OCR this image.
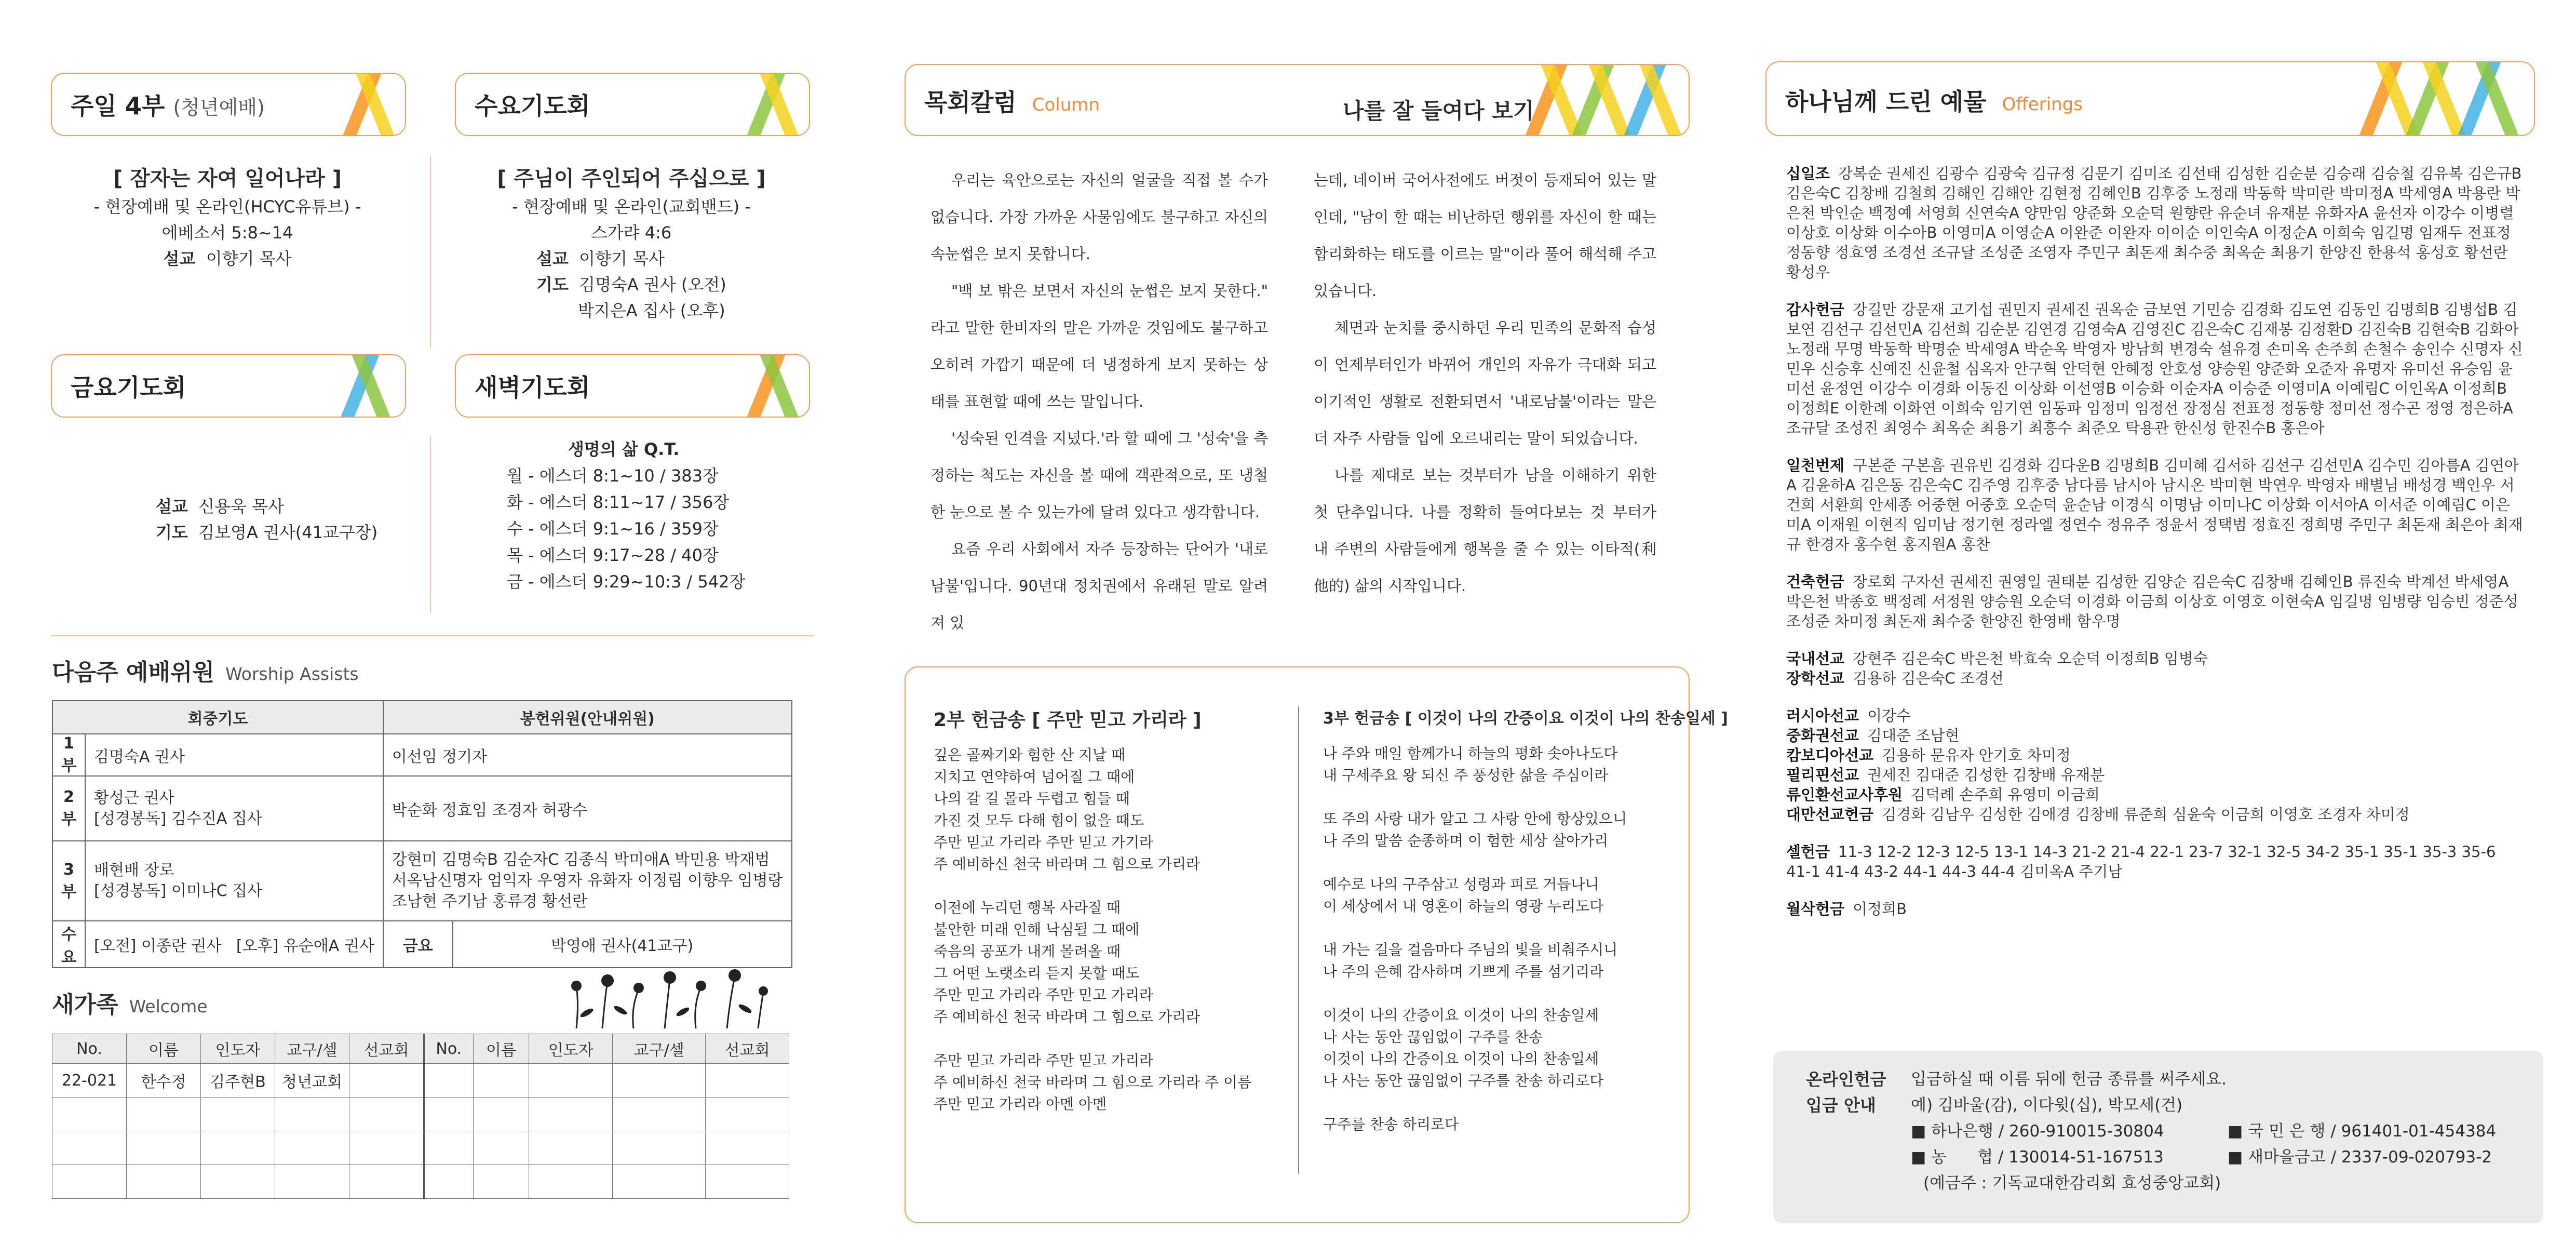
주일 4부 (청년예배)	수요기도회
[ 잠자는 자여 일어나라 ]
- 현장예배 및 온라인(HCYC유튜브) -
에베소서 5:8~14
설교 이향기 목사
[ 주님이 주인되어 주십으로 ]
- 현장예배 및 온라인(교회밴드) -
스가랴 4:6
설교 이향기 목사
기도 김명숙A 권사 (오전)
박지은A 집사 (오후)
금요기도회	새벽기도회
설교 신용욱 목사
기도 김보영A 권사(41교구장)
생명의 삶 Q.T.
월 - 에스더 8:1~10 / 383장
화 - 에스더 8:11~17 / 356장
수 - 에스더 9:1~16 / 359장
목 - 에스더 9:17~28 / 40장
금 - 에스더 9:29~10:3 / 542장
다음주 예배위원 Worship Assists
회중기도		봉헌위원(안내위원)	
1부	김명숙A 권사	이선임 정기자	
2부	황성근 권사
[성경봉독] 김수진A 집사	박순화 정효임 조경자 허광수	
3부	배현배 장로
[성경봉독] 이미나C 집사	강현미 김명숙B 김순자C 김종식 박미애A 박민용 박재범
서옥남신명자 엄익자 우영자 유화자 이정림 이향우 임병랑
조남현 주기남 홍류경 황선란	
수요	[오전] 이종란 권사   [오후] 유순애A 권사	금요	박영애 권사(41교구)
새가족 Welcome
No.	이름	인도자	교구/셀	선교회	No.	이름	인도자	교구/셀	선교회
22-021	한수정	김주현B	청년교회						

목회칼럼 Column	나를 잘 들여다 보기

우리는 육안으로는 자신의 얼굴을 직접 볼 수가 없습니다. 가장 가까운 사물임에도 불구하고 자신의 속눈썹은 보지 못합니다.

"백 보 밖은 보면서 자신의 눈썹은 보지 못한다." 라고 말한 한비자의 말은 가까운 것임에도 불구하고 오히려 가깝기 때문에 더 냉정하게 보지 못하는 상태를 표현할 때에 쓰는 말입니다.

'성숙된 인격을 지녔다.'라 할 때에 그 '성숙'을 측정하는 척도는 자신을 볼 때에 객관적으로, 또 냉철한 눈으로 볼 수 있는가에 달려 있다고 생각합니다.

요즘 우리 사회에서 자주 등장하는 단어가 '내로남불'입니다. 90년대 정치권에서 유래된 말로 알려져 있

는데, 네이버 국어사전에도 버젓이 등재되어 있는 말인데, "남이 할 때는 비난하던 행위를 자신이 할 때는 합리화하는 태도를 이르는 말"이라 풀어 해석해 주고 있습니다.

체면과 눈치를 중시하던 우리 민족의 문화적 습성이 언제부터인가 바뀌어 개인의 자유가 극대화 되고 이기적인 생활로 전환되면서 '내로남불'이라는 말은 더 자주 사람들 입에 오르내리는 말이 되었습니다.

나를 제대로 보는 것부터가 남을 이해하기 위한 첫 단추입니다. 나를 정확히 들여다보는 것 부터가 내 주변의 사람들에게 행복을 줄 수 있는 이타적(利他的) 삶의 시작입니다.

2부 헌금송 [ 주만 믿고 가리라 ]
깊은 골짜기와 험한 산 지날 때
지치고 연약하여 넘어질 그 때에
나의 갈 길 몰라 두렵고 힘들 때
가진 것 모두 다해 힘이 없을 때도
주만 믿고 가리라 주만 믿고 가기라
주 예비하신 천국 바라며 그 힘으로 가리라
이전에 누리던 행복 사라질 때
불안한 미래 인해 낙심될 그 때에
죽음의 공포가 내게 몰려올 때
그 어떤 노랫소리 듣지 못할 때도
주만 믿고 가리라 주만 믿고 가리라
주 예비하신 천국 바라며 그 힘으로 가리라
주만 믿고 가리라 주만 믿고 가리라
주 예비하신 천국 바라며 그 힘으로 가리라 주 이름
주만 믿고 가리라 아멘 아멘
3부 헌금송 [ 이것이 나의 간증이요 이것이 나의 찬송일세 ]
나 주와 매일 함께가니 하늘의 평화 솟아나도다
내 구세주요 왕 되신 주 풍성한 삶을 주심이라
또 주의 사랑 내가 알고 그 사랑 안에 항상있으니
나 주의 말씀 순종하며 이 험한 세상 살아가리
예수로 나의 구주삼고 성령과 피로 거듭나니
이 세상에서 내 영혼이 하늘의 영광 누리도다
내 가는 길을 걸음마다 주님의 빛을 비춰주시니
나 주의 은혜 감사하며 기쁘게 주를 섬기리라
이것이 나의 간증이요 이것이 나의 찬송일세
나 사는 동안 끊임없이 구주를 찬송
이것이 나의 간증이요 이것이 나의 찬송일세
나 사는 동안 끊임없이 구주를 찬송 하리로다
구주를 찬송 하리로다
하나님께 드린 예물 Offerings
십일조 강복순 권세진 김광수 김광숙 김규정 김문기 김미조 김선태 김성한 김순분 김승래 김승철 김유복 김은규B 김은숙C 김창배 김철희 김해인 김해안 김현정 김혜인B 김후중 노정래 박동학 박미란 박미정A 박세영A 박용란 박은천 박인순 백정예 서영희 신연숙A 양만임 양준화 오순덕 원향란 유순녀 유재분 유화자A 윤선자 이강수 이병렬 이상호 이상화 이수아B 이영미A 이영순A 이완준 이완자 이이순 이인숙A 이정순A 이희숙 임길명 임재두 전표정 정동향 정효영 조경선 조규달 조성준 조영자 주민구 최돈재 최수중 최옥순 최용기 한양진 한용석 홍성호 황선란 황성우
감사헌금 강길만 강문재 고기섭 권민지 권세진 권옥순 금보연 기민승 김경화 김도연 김동인 김명희B 김병섭B 김보연 김선구 김선민A 김선희 김순분 김연경 김영숙A 김영진C 김은숙C 김재봉 김정환D 김진숙B 김현숙B 김화아 노정래 무명 박동학 박명순 박세영A 박순옥 박영자 방남희 변경숙 설유경 손미옥 손주희 손철수 송인수 신명자 신민우 신승후 신예진 신윤철 심옥자 안구혁 안덕현 안혜정 안호성 양승원 양준화 오준자 유명자 유미선 유승임 윤미선 윤정연 이강수 이경화 이동진 이상화 이선영B 이승화 이순자A 이승준 이영미A 이예림C 이인옥A 이정희B 이정희E 이한례 이화연 이희숙 임기연 임동파 임정미 임정선 장정심 전표정 정동향 정미선 정수곤 정영 정은하A 조규달 조성진 최영수 최옥순 최용기 최흥수 최준오 탁용관 한신성 한진수B 홍은아
일천번제 구본준 구본흠 권유빈 김경화 김다운B 김명희B 김미혜 김서하 김선구 김선민A 김수민 김아름A 김연아A 김윤하A 김은동 김은숙C 김주영 김후중 남다름 남시아 남시온 박미현 박연우 박영자 배별님 배성경 백인우 서건희 서환희 안세종 어중현 어중호 오순덕 윤순남 이경식 이명남 이미나C 이상화 이서아A 이서준 이예림C 이은미A 이재원 이현직 임미남 정기현 정라엘 정연수 정유주 정윤서 정택범 정효진 정희명 주민구 최돈재 최은아 최재규 한경자 홍수현 홍지원A 홍찬
건축헌금 장로회 구자선 권세진 권영일 권태분 김성한 김양순 김은숙C 김창배 김혜인B 류진숙 박계선 박세영A 박은천 박종호 백정례 서정원 양승원 오순덕 이경화 이금희 이상호 이영호 이현숙A 임길명 임병량 임승빈 정준성 조성준 차미정 최돈재 최수중 한양진 한영배 함우명
국내선교 강현주 김은숙C 박은천 박효숙 오순덕 이정희B 임병숙
장학선교 김용하 김은숙C 조경선
러시아선교 이강수
중화권선교 김대준 조남현
캄보디아선교 김용하 문유자 안기호 차미정
필리핀선교 권세진 김대준 김성한 김창배 유재분
류인환선교사후원 김덕례 손주희 유영미 이금희
대만선교헌금 김경화 김남우 김성한 김애경 김창배 류준희 심윤숙 이금희 이영호 조경자 차미정
셀헌금 11-3 12-2 12-3 12-5 13-1 14-3 21-2 21-4 22-1 23-7 32-1 32-5 34-2 35-1 35-1 35-3 35-6 41-1 41-4 43-2 44-1 44-3 44-4 김미옥A 주기남
월삭헌금 이정희B
온라인헌금
입금 안내
입금하실 때 이름 뒤에 헌금 종류를 써주세요.
예) 김바울(감), 이다윗(십), 박모세(건)
■ 하나은행 / 260-910015-30804	■ 국 민 은 행 / 961401-01-454384
■ 농      협 / 130014-51-167513	■ 새마을금고 / 2337-09-020793-2
(예금주 : 기독교대한감리회 효성중앙교회)
